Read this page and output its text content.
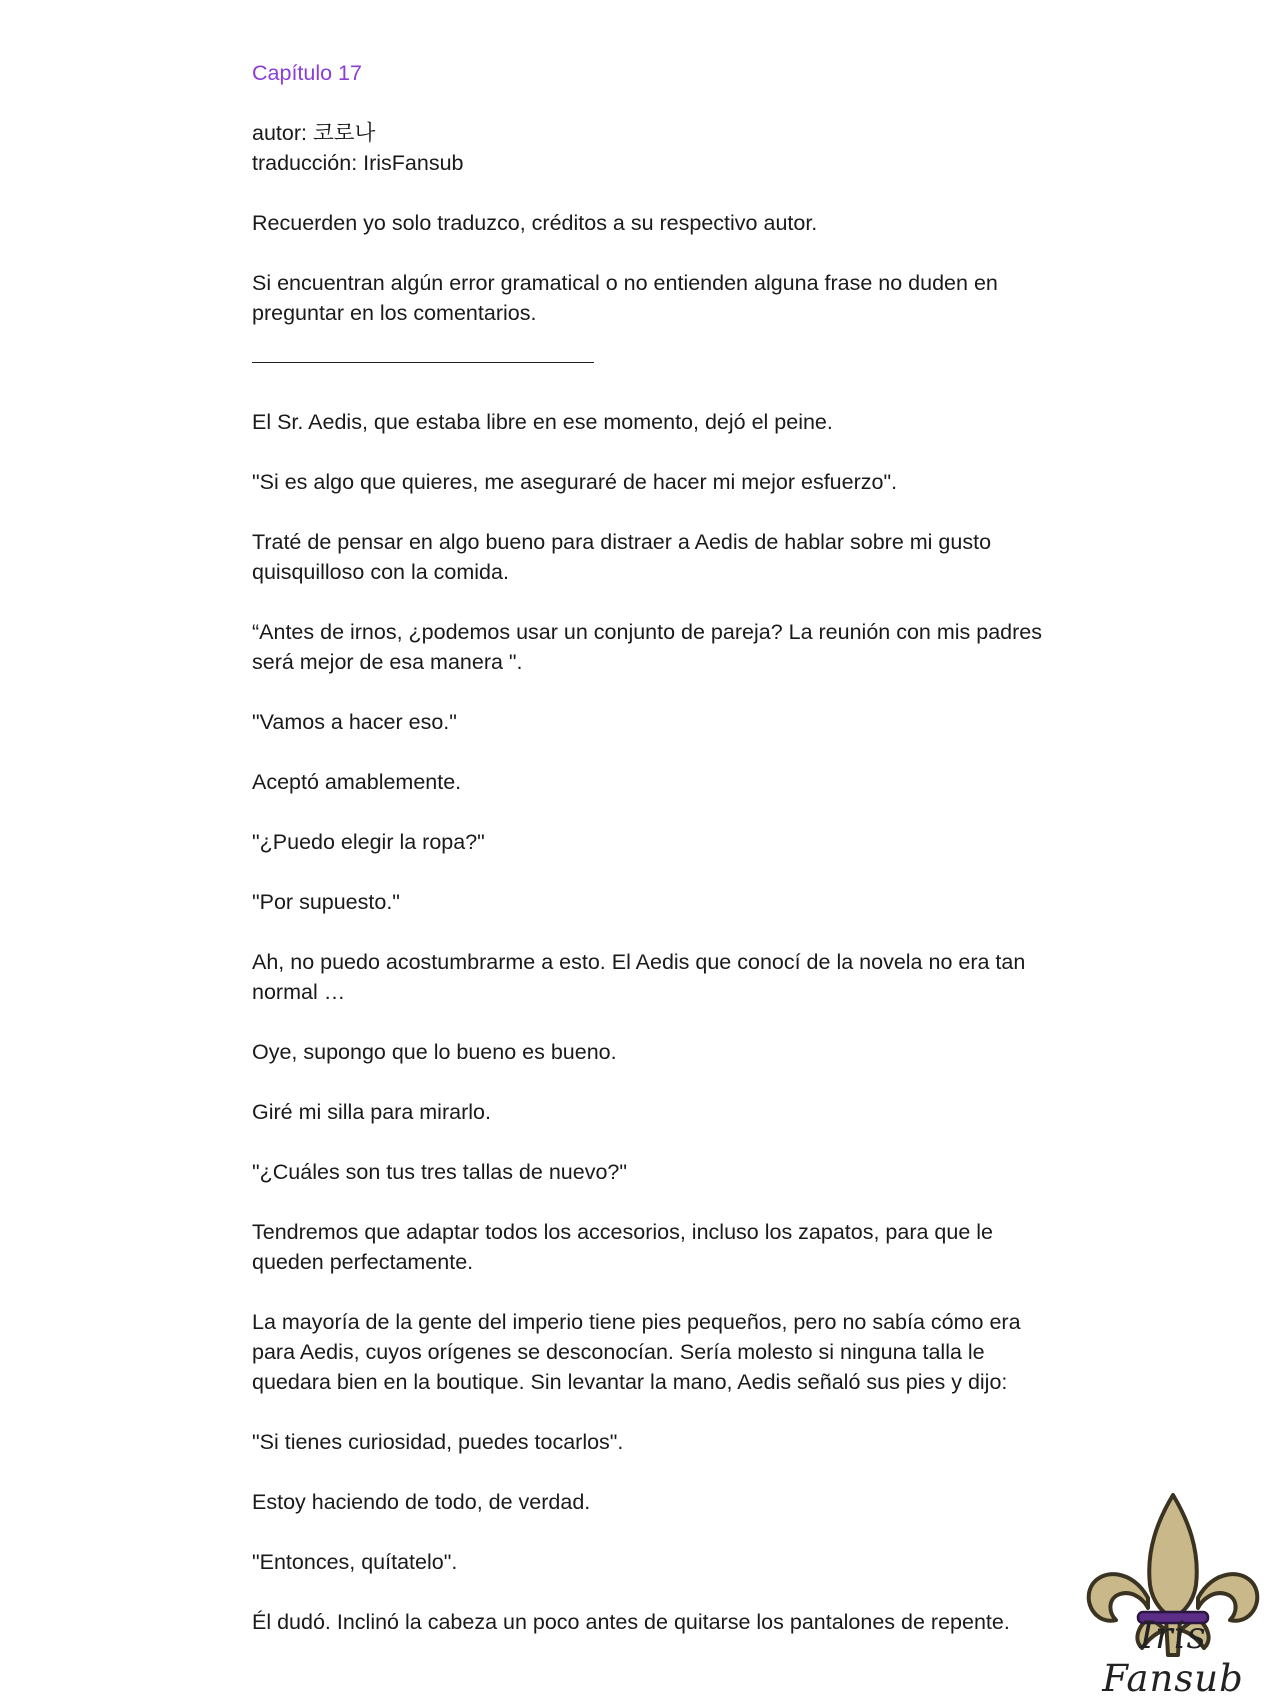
Capítulo 17
autor: 코로나
traducción: IrisFansub
Recuerden yo solo traduzco, créditos a su respectivo autor.
Si encuentran algún error gramatical o no entienden alguna frase no duden en preguntar en los comentarios.

El Sr. Aedis, que estaba libre en ese momento, dejó el peine.

"Si es algo que quieres, me aseguraré de hacer mi mejor esfuerzo".

Traté de pensar en algo bueno para distraer a Aedis de hablar sobre mi gusto quisquilloso con la comida.

“Antes de irnos, ¿podemos usar un conjunto de pareja? La reunión con mis padres será mejor de esa manera ".

"Vamos a hacer eso."

Aceptó amablemente.

"¿Puedo elegir la ropa?"

"Por supuesto."

Ah, no puedo acostumbrarme a esto. El Aedis que conocí de la novela no era tan normal …

Oye, supongo que lo bueno es bueno.

Giré mi silla para mirarlo.

"¿Cuáles son tus tres tallas de nuevo?"

Tendremos que adaptar todos los accesorios, incluso los zapatos, para que le queden perfectamente.

La mayoría de la gente del imperio tiene pies pequeños, pero no sabía cómo era para Aedis, cuyos orígenes se desconocían. Sería molesto si ninguna talla le quedara bien en la boutique. Sin levantar la mano, Aedis señaló sus pies y dijo:

"Si tienes curiosidad, puedes tocarlos".

Estoy haciendo de todo, de verdad.

"Entonces, quítatelo".

Él dudó. Inclinó la cabeza un poco antes de quitarse los pantalones de repente.	Iris Fansub
